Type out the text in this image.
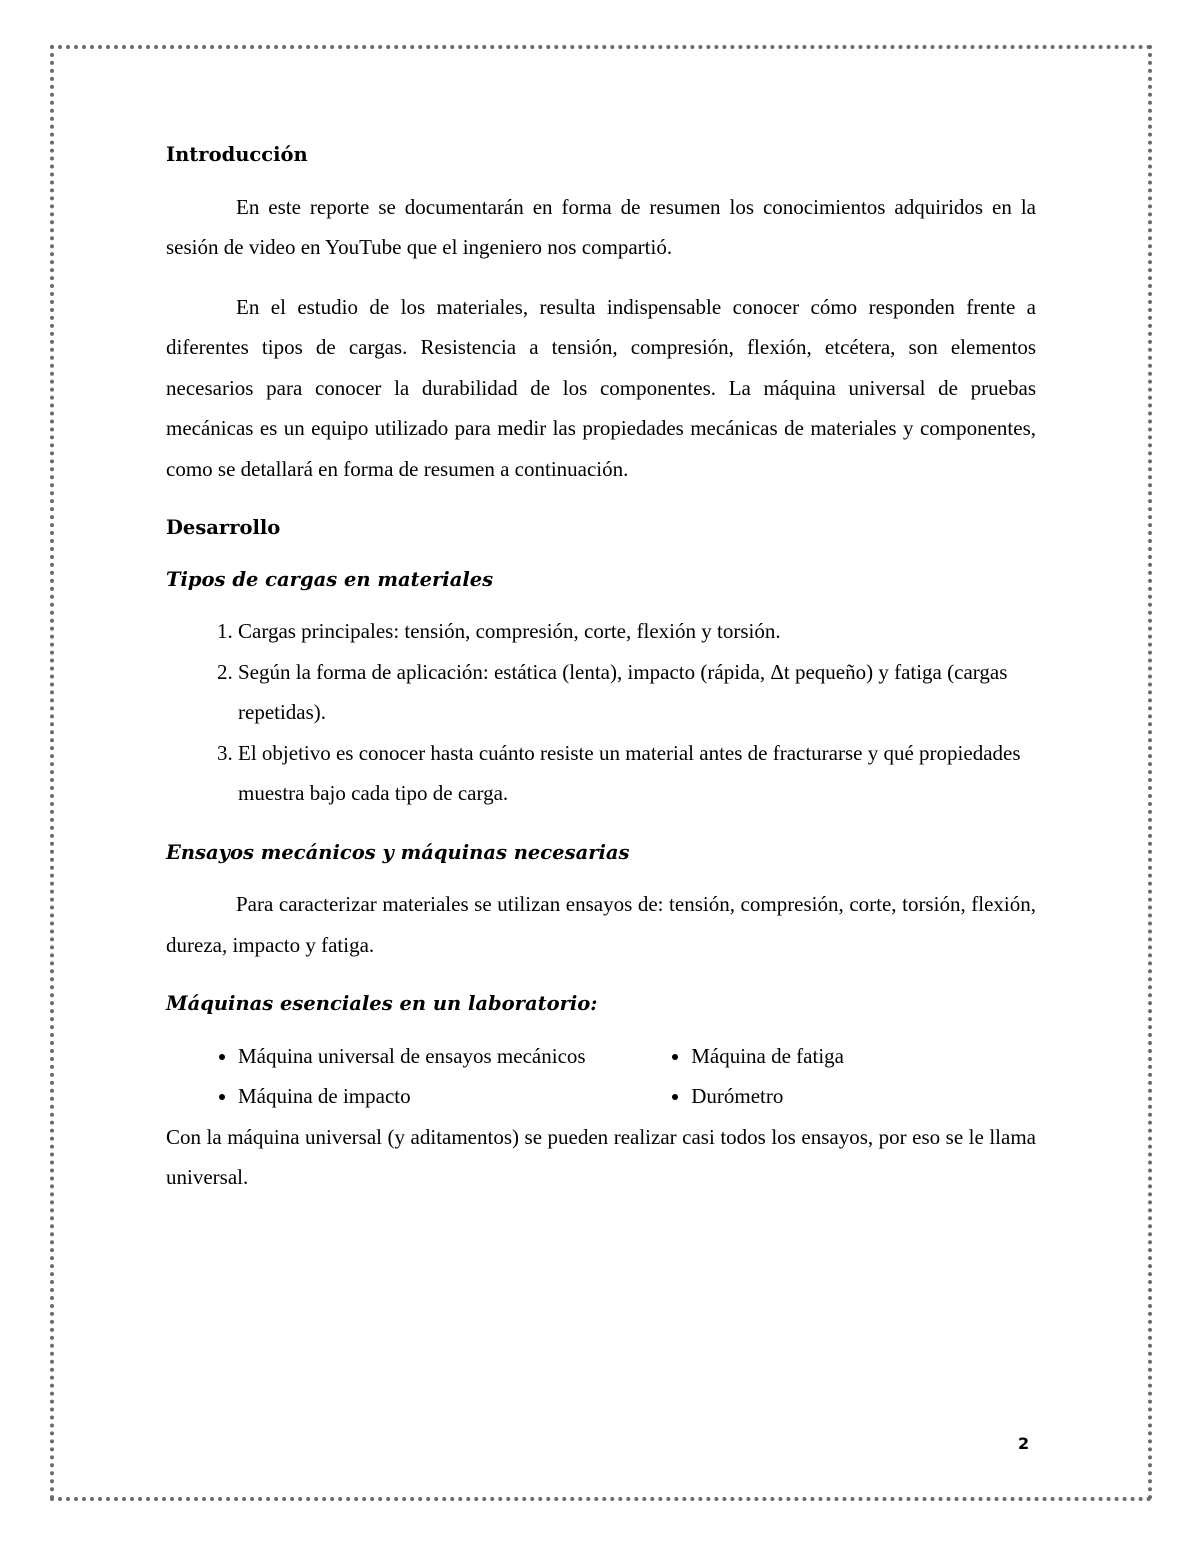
Introducción

En este reporte se documentarán en forma de resumen los conocimientos adquiridos en la sesión de video en YouTube que el ingeniero nos compartió.

En el estudio de los materiales, resulta indispensable conocer cómo responden frente a diferentes tipos de cargas. Resistencia a tensión, compresión, flexión, etcétera, son elementos necesarios para conocer la durabilidad de los componentes. La máquina universal de pruebas mecánicas es un equipo utilizado para medir las propiedades mecánicas de materiales y componentes, como se detallará en forma de resumen a continuación.

Desarrollo
Tipos de cargas en materiales
1. Cargas principales: tensión, compresión, corte, flexión y torsión.
2. Según la forma de aplicación: estática (lenta), impacto (rápida, Δt pequeño) y fatiga (cargas repetidas).
3. El objetivo es conocer hasta cuánto resiste un material antes de fracturarse y qué propiedades muestra bajo cada tipo de carga.
Ensayos mecánicos y máquinas necesarias

Para caracterizar materiales se utilizan ensayos de: tensión, compresión, corte, torsión, flexión, dureza, impacto y fatiga.

Máquinas esenciales en un laboratorio:
• Máquina universal de ensayos mecánicos
• Máquina de impacto
• Máquina de fatiga
• Durómetro

Con la máquina universal (y aditamentos) se pueden realizar casi todos los ensayos, por eso se le llama universal.

2
